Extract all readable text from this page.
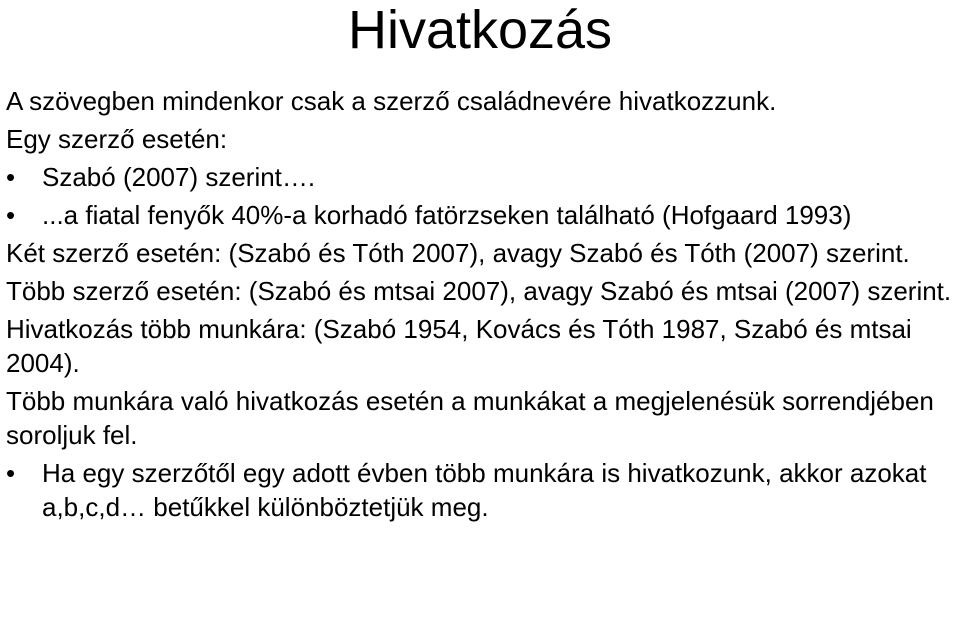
Hivatkozás
A szövegben mindenkor csak a szerző családnevére hivatkozzunk.
Egy szerző esetén:
•	Szabó (2007) szerint….
•	...a fiatal fenyők 40%-a korhadó fatörzseken található (Hofgaard 1993)
Két szerző esetén: (Szabó és Tóth 2007), avagy Szabó és Tóth (2007) szerint.
Több szerző esetén: (Szabó és mtsai 2007), avagy Szabó és mtsai (2007) szerint.
Hivatkozás több munkára: (Szabó 1954, Kovács és Tóth 1987, Szabó és mtsai 2004).
Több munkára való hivatkozás esetén a munkákat a megjelenésük sorrendjében soroljuk fel.
•	Ha egy szerzőtől egy adott évben több munkára is hivatkozunk, akkor azokat a,b,c,d… betűkkel különböztetjük meg.
